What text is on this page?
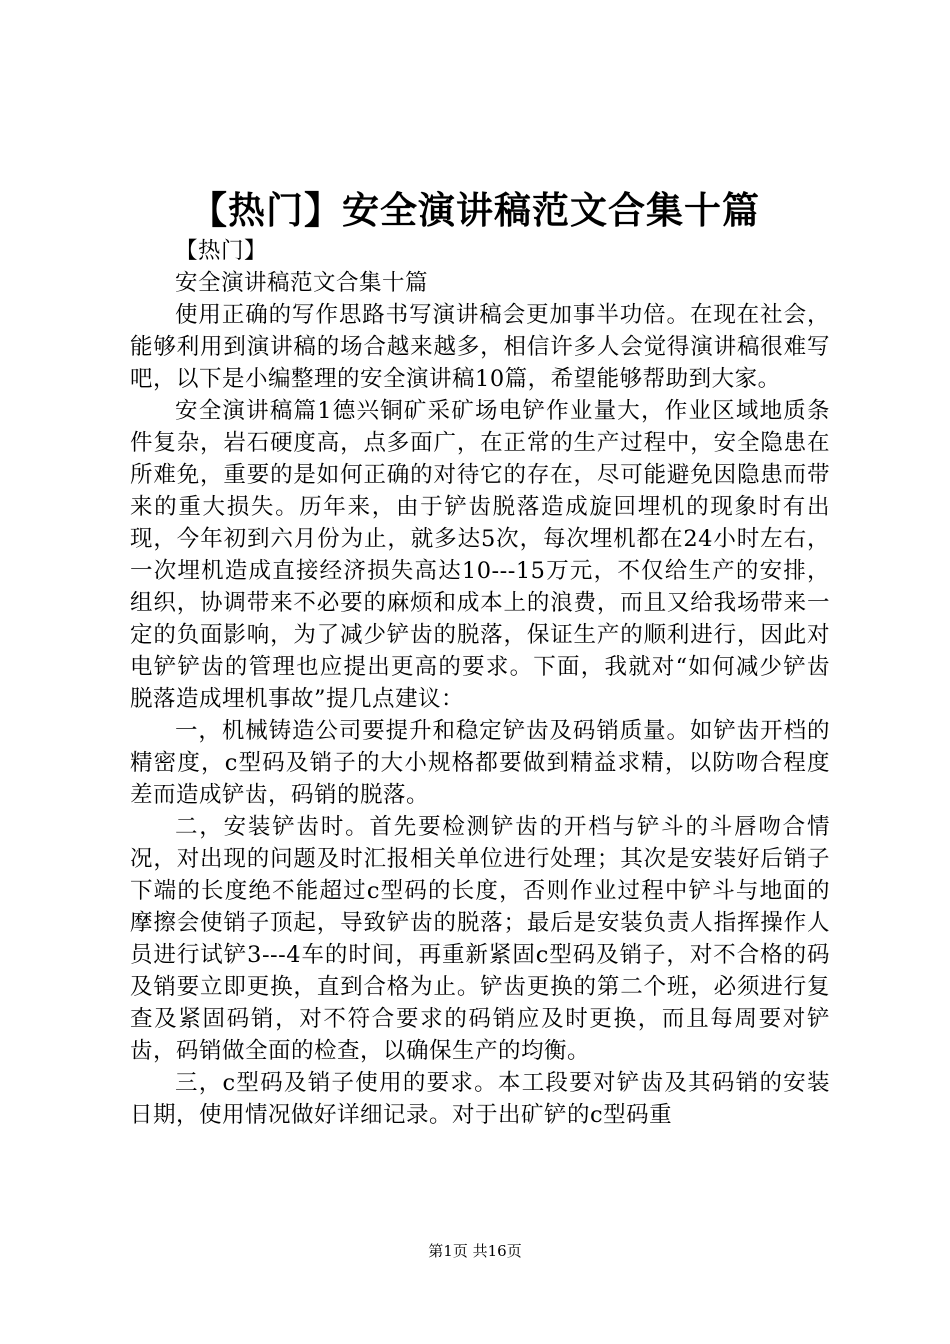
【热门】安全演讲稿范文合集十篇

【热门】

安全演讲稿范文合集十篇

使用正确的写作思路书写演讲稿会更加事半功倍。在现在社会，能够利用到演讲稿的场合越来越多，相信许多人会觉得演讲稿很难写吧，以下是小编整理的安全演讲稿10篇，希望能够帮助到大家。

安全演讲稿篇1德兴铜矿采矿场电铲作业量大，作业区域地质条件复杂，岩石硬度高，点多面广，在正常的生产过程中，安全隐患在所难免，重要的是如何正确的对待它的存在，尽可能避免因隐患而带来的重大损失。历年来，由于铲齿脱落造成旋回埋机的现象时有出现，今年初到六月份为止，就多达5次，每次埋机都在24小时左右，一次埋机造成直接经济损失高达10---15万元，不仅给生产的安排，组织，协调带来不必要的麻烦和成本上的浪费，而且又给我场带来一定的负面影响，为了减少铲齿的脱落，保证生产的顺利进行，因此对电铲铲齿的管理也应提出更高的要求。下面，我就对“如何减少铲齿脱落造成埋机事故”提几点建议：

一，机械铸造公司要提升和稳定铲齿及码销质量。如铲齿开档的精密度，c型码及销子的大小规格都要做到精益求精，以防吻合程度差而造成铲齿，码销的脱落。

二，安装铲齿时。首先要检测铲齿的开档与铲斗的斗唇吻合情况，对出现的问题及时汇报相关单位进行处理；其次是安装好后销子下端的长度绝不能超过c型码的长度，否则作业过程中铲斗与地面的摩擦会使销子顶起，导致铲齿的脱落；最后是安装负责人指挥操作人员进行试铲3---4车的时间，再重新紧固c型码及销子，对不合格的码及销要立即更换，直到合格为止。铲齿更换的第二个班，必须进行复查及紧固码销，对不符合要求的码销应及时更换，而且每周要对铲齿，码销做全面的检查，以确保生产的均衡。

三，c型码及销子使用的要求。本工段要对铲齿及其码销的安装日期，使用情况做好详细记录。对于出矿铲的c型码重

第1页 共16页
